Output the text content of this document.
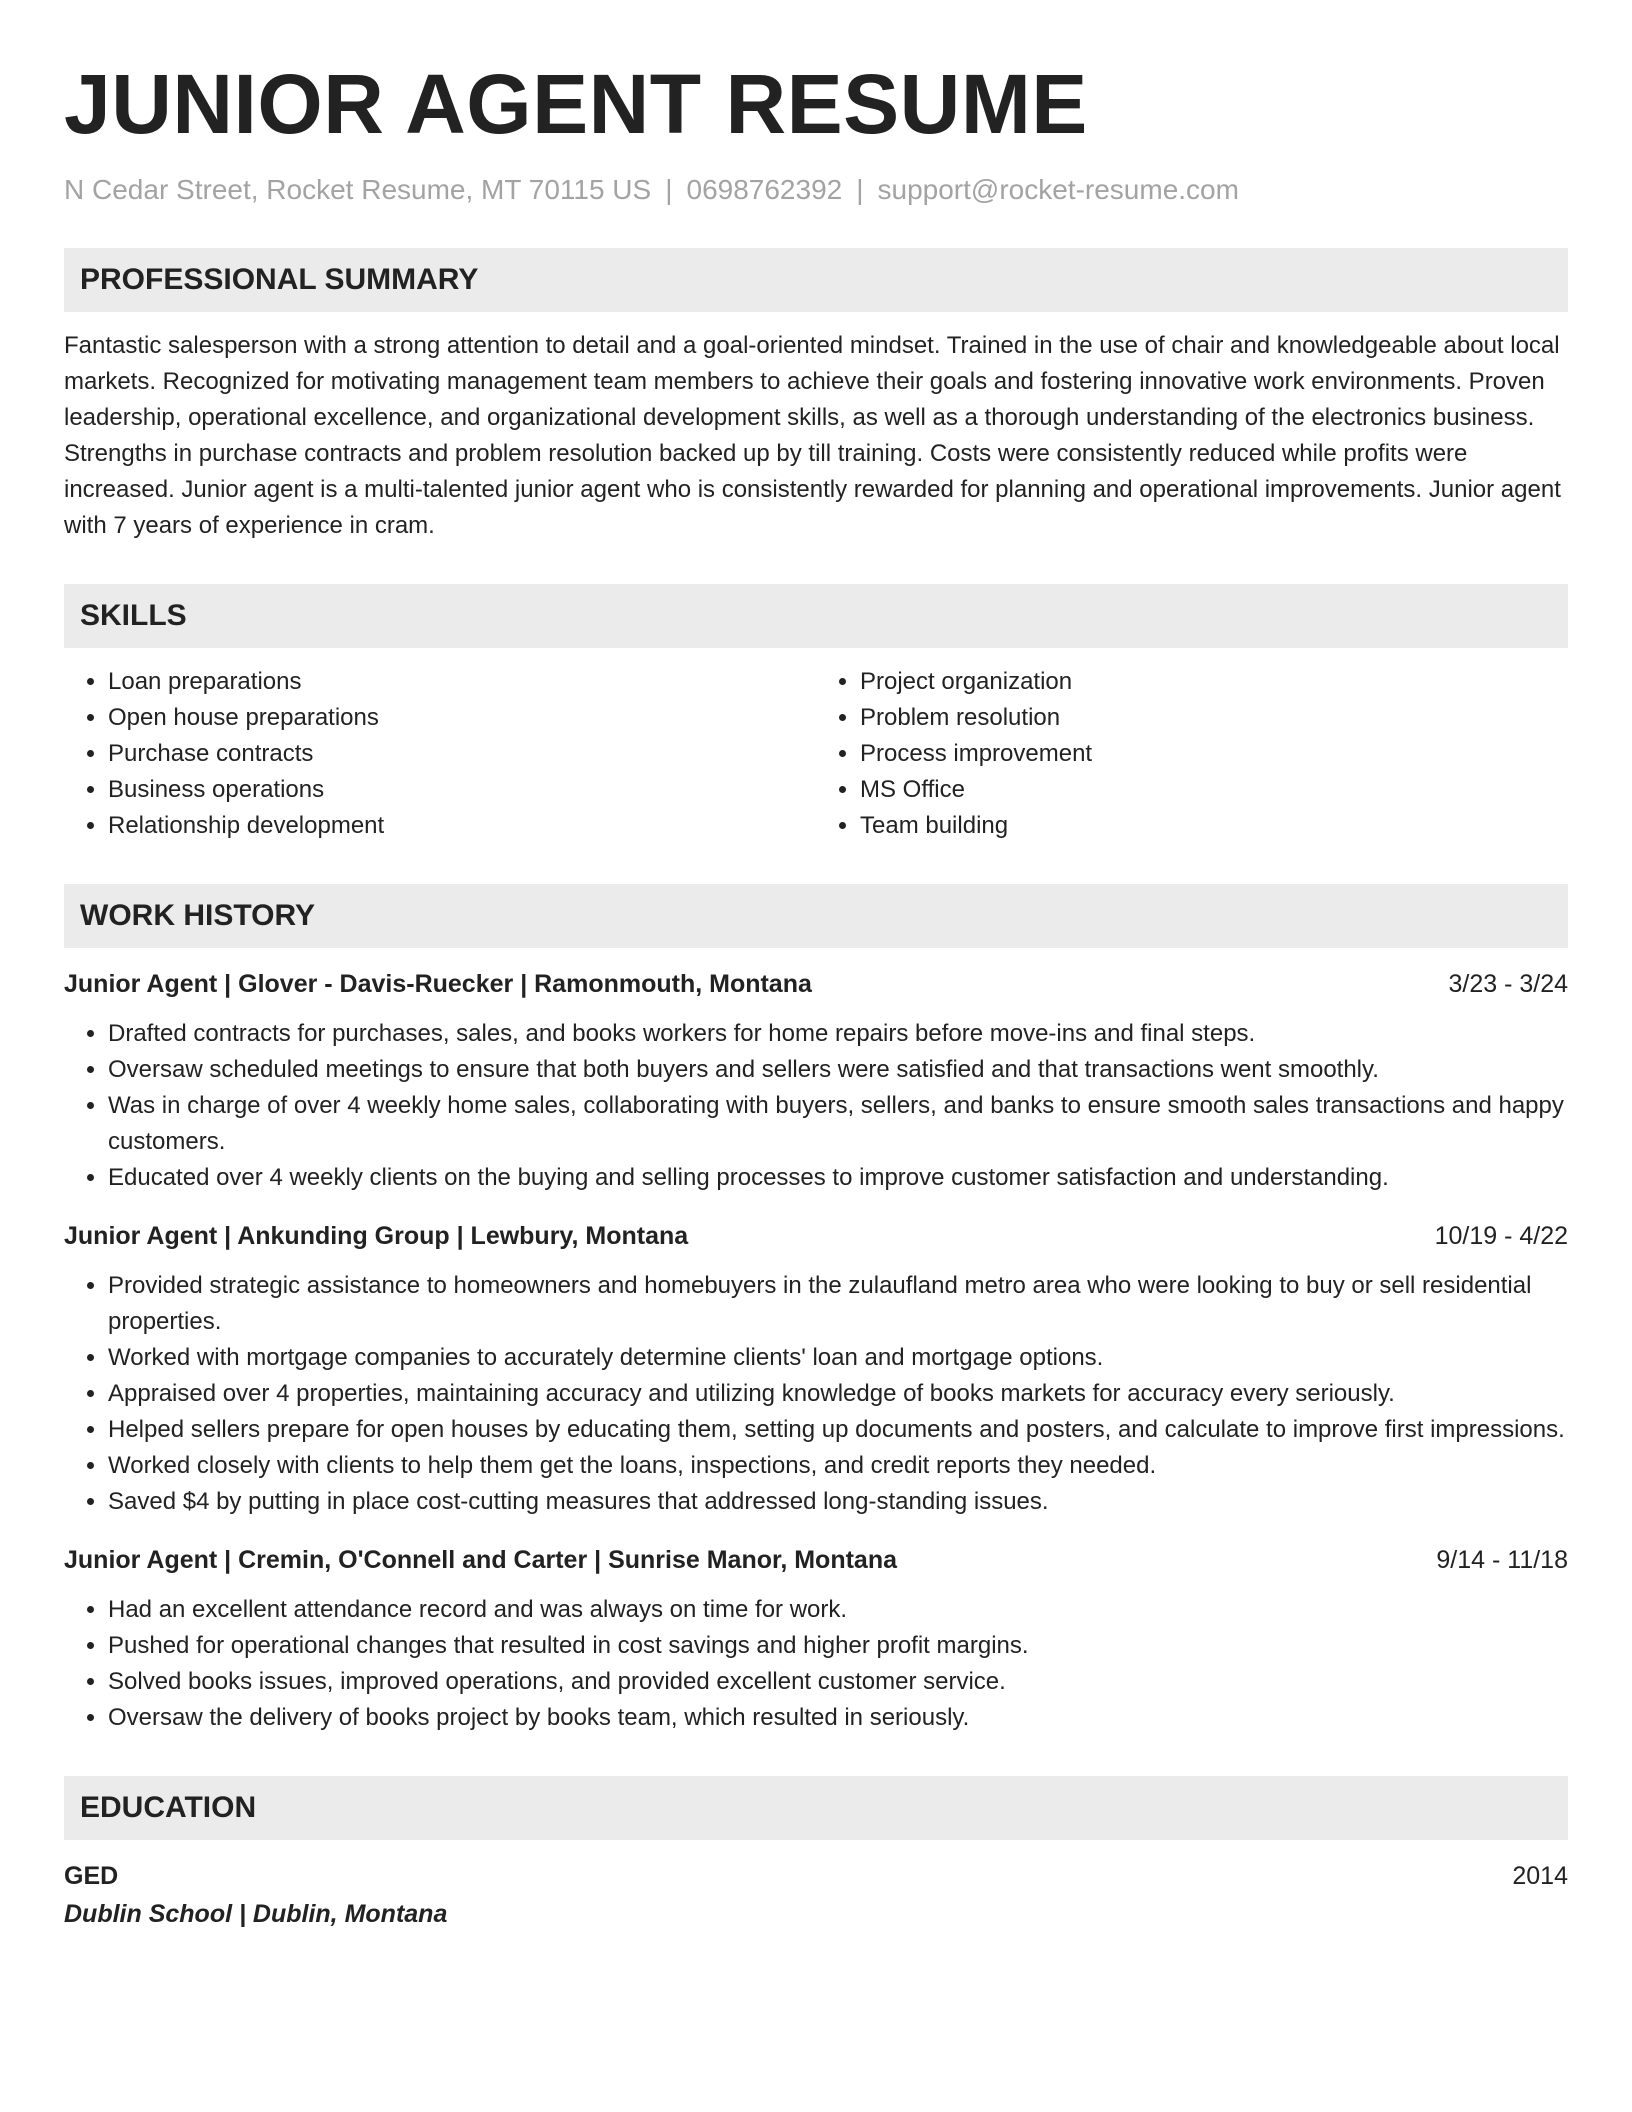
JUNIOR AGENT RESUME
N Cedar Street, Rocket Resume, MT 70115 US | 0698762392 | support@rocket-resume.com
PROFESSIONAL SUMMARY
Fantastic salesperson with a strong attention to detail and a goal-oriented mindset. Trained in the use of chair and knowledgeable about local markets. Recognized for motivating management team members to achieve their goals and fostering innovative work environments. Proven leadership, operational excellence, and organizational development skills, as well as a thorough understanding of the electronics business. Strengths in purchase contracts and problem resolution backed up by till training. Costs were consistently reduced while profits were increased. Junior agent is a multi-talented junior agent who is consistently rewarded for planning and operational improvements. Junior agent with 7 years of experience in cram.
SKILLS
• Loan preparations
• Open house preparations
• Purchase contracts
• Business operations
• Relationship development
• Project organization
• Problem resolution
• Process improvement
• MS Office
• Team building
WORK HISTORY
Junior Agent | Glover - Davis-Ruecker | Ramonmouth, Montana	3/23 - 3/24
• Drafted contracts for purchases, sales, and books workers for home repairs before move-ins and final steps.
• Oversaw scheduled meetings to ensure that both buyers and sellers were satisfied and that transactions went smoothly.
• Was in charge of over 4 weekly home sales, collaborating with buyers, sellers, and banks to ensure smooth sales transactions and happy customers.
• Educated over 4 weekly clients on the buying and selling processes to improve customer satisfaction and understanding.
Junior Agent | Ankunding Group | Lewbury, Montana	10/19 - 4/22
• Provided strategic assistance to homeowners and homebuyers in the zulaufland metro area who were looking to buy or sell residential properties.
• Worked with mortgage companies to accurately determine clients' loan and mortgage options.
• Appraised over 4 properties, maintaining accuracy and utilizing knowledge of books markets for accuracy every seriously.
• Helped sellers prepare for open houses by educating them, setting up documents and posters, and calculate to improve first impressions.
• Worked closely with clients to help them get the loans, inspections, and credit reports they needed.
• Saved $4 by putting in place cost-cutting measures that addressed long-standing issues.
Junior Agent | Cremin, O'Connell and Carter | Sunrise Manor, Montana	9/14 - 11/18
• Had an excellent attendance record and was always on time for work.
• Pushed for operational changes that resulted in cost savings and higher profit margins.
• Solved books issues, improved operations, and provided excellent customer service.
• Oversaw the delivery of books project by books team, which resulted in seriously.
EDUCATION
GED	2014
Dublin School | Dublin, Montana
